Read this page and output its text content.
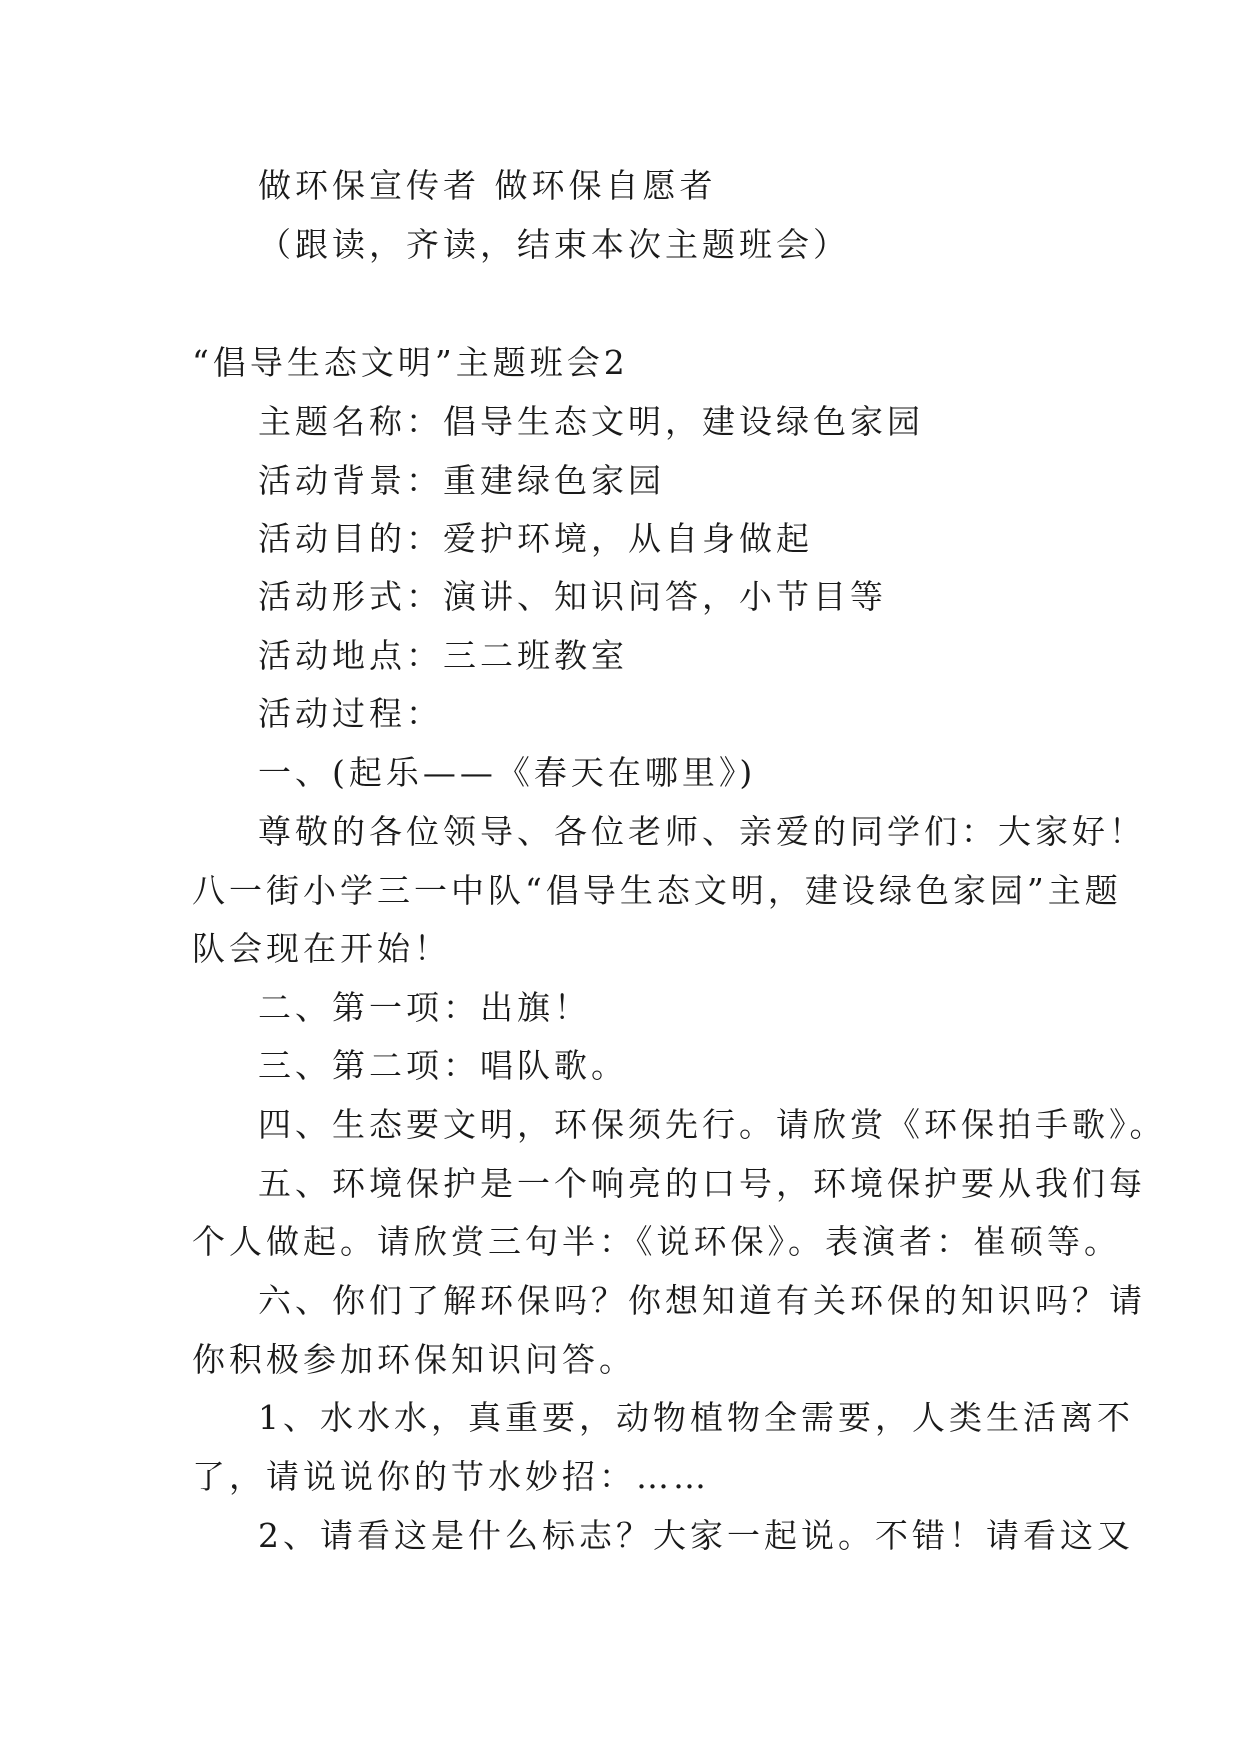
做环保宣传者 做环保自愿者
（跟读，齐读，结束本次主题班会）
“倡导生态文明”主题班会2
主题名称：倡导生态文明，建设绿色家园
活动背景：重建绿色家园
活动目的：爱护环境，从自身做起
活动形式：演讲、知识问答，小节目等
活动地点：三二班教室
活动过程：
一、(起乐——《春天在哪里》)
尊敬的各位领导、各位老师、亲爱的同学们：大家好！
八一街小学三一中队“倡导生态文明，建设绿色家园”主题
队会现在开始！
二、第一项：出旗！
三、第二项：唱队歌。
四、生态要文明，环保须先行。请欣赏《环保拍手歌》。
五、环境保护是一个响亮的口号，环境保护要从我们每
个人做起。请欣赏三句半：《说环保》。表演者：崔硕等。
六、你们了解环保吗？你想知道有关环保的知识吗？请
你积极参加环保知识问答。
1、水水水，真重要，动物植物全需要，人类生活离不
了，请说说你的节水妙招：……
2、请看这是什么标志？大家一起说。不错！请看这又
